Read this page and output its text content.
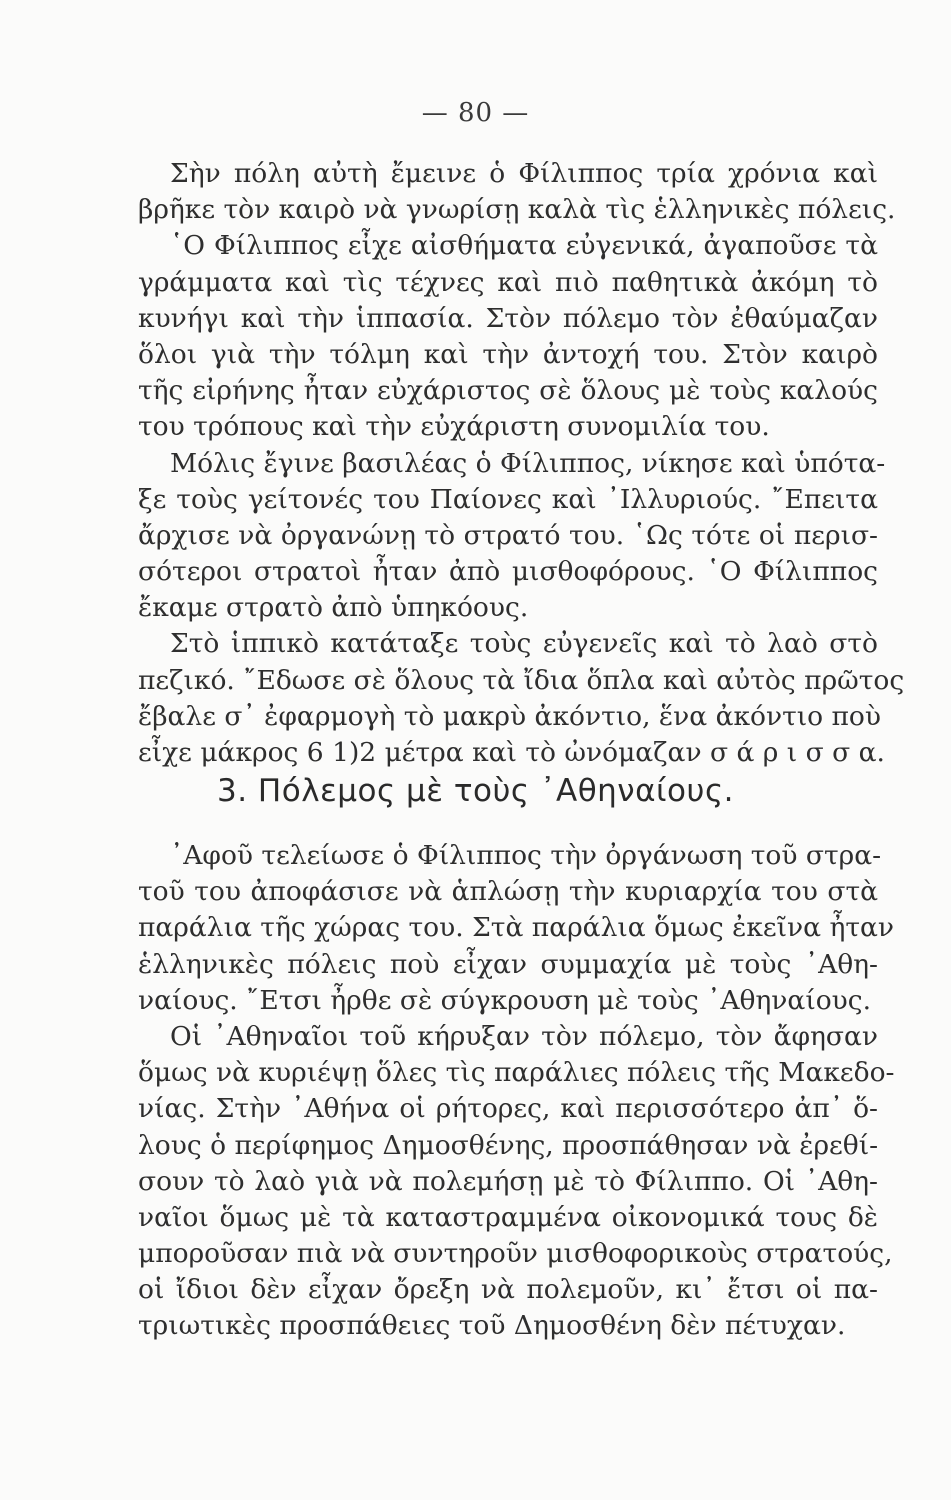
— 80 —
Σὴν πόλη αὐτὴ ἔμεινε ὁ Φίλιππος τρία χρόνια καὶ
βρῆκε τὸν καιρὸ νὰ γνωρίσῃ καλὰ τὶς ἑλληνικὲς πόλεις.
῾Ο Φίλιππος εἶχε αἰσθήματα εὐγενικά, ἀγαποῦσε τὰ
γράμματα καὶ τὶς τέχνες καὶ πιὸ παθητικὰ ἀκόμη τὸ
κυνήγι καὶ τὴν ἱππασία. Στὸν πόλεμο τὸν ἐθαύμαζαν
ὅλοι γιὰ τὴν τόλμη καὶ τὴν ἀντοχή του. Στὸν καιρὸ
τῆς εἰρήνης ἦταν εὐχάριστος σὲ ὅλους μὲ τοὺς καλούς
του τρόπους καὶ τὴν εὐχάριστη συνομιλία του.
Μόλις ἔγινε βασιλέας ὁ Φίλιππος, νίκησε καὶ ὑπότα-
ξε τοὺς γείτονές του Παίονες καὶ ᾿Ιλλυριούς. ῎Επειτα
ἄρχισε νὰ ὀργανώνῃ τὸ στρατό του. ῾Ως τότε οἱ περισ-
σότεροι στρατοὶ ἦταν ἀπὸ μισθοφόρους. ῾Ο Φίλιππος
ἔκαμε στρατὸ ἀπὸ ὑπηκόους.
Στὸ ἱππικὸ κατάταξε τοὺς εὐγενεῖς καὶ τὸ λαὸ στὸ
πεζικό. ῎Εδωσε σὲ ὅλους τὰ ἴδια ὅπλα καὶ αὐτὸς πρῶτος
ἔβαλε σ᾿ ἐφαρμογὴ τὸ μακρὺ ἀκόντιο, ἕνα ἀκόντιο ποὺ
εἶχε μάκρος 6 1)2 μέτρα καὶ τὸ ὠνόμαζαν σ ά ρ ι σ σ α.
3. Πόλεμος μὲ τοὺς ᾿Αθηναίους.
᾿Αφοῦ τελείωσε ὁ Φίλιππος τὴν ὀργάνωση τοῦ στρα-
τοῦ του ἀποφάσισε νὰ ἁπλώσῃ τὴν κυριαρχία του στὰ
παράλια τῆς χώρας του. Στὰ παράλια ὅμως ἐκεῖνα ἦταν
ἑλληνικὲς πόλεις ποὺ εἶχαν συμμαχία μὲ τοὺς ᾿Αθη-
ναίους. ῎Ετσι ἦρθε σὲ σύγκρουση μὲ τοὺς ᾿Αθηναίους.
Οἱ ᾿Αθηναῖοι τοῦ κήρυξαν τὸν πόλεμο, τὸν ἄφησαν
ὅμως νὰ κυριέψῃ ὅλες τὶς παράλιες πόλεις τῆς Μακεδο-
νίας. Στὴν ᾿Αθήνα οἱ ρήτορες, καὶ περισσότερο ἀπ᾿ ὅ-
λους ὁ περίφημος Δημοσθένης, προσπάθησαν νὰ ἐρεθί-
σουν τὸ λαὸ γιὰ νὰ πολεμήσῃ μὲ τὸ Φίλιππο. Οἱ ᾿Αθη-
ναῖοι ὅμως μὲ τὰ καταστραμμένα οἰκονομικά τους δὲ
μποροῦσαν πιὰ νὰ συντηροῦν μισθοφορικοὺς στρατούς,
οἱ ἴδιοι δὲν εἶχαν ὄρεξη νὰ πολεμοῦν, κι᾿ ἔτσι οἱ πα-
τριωτικὲς προσπάθειες τοῦ Δημοσθένη δὲν πέτυχαν.
